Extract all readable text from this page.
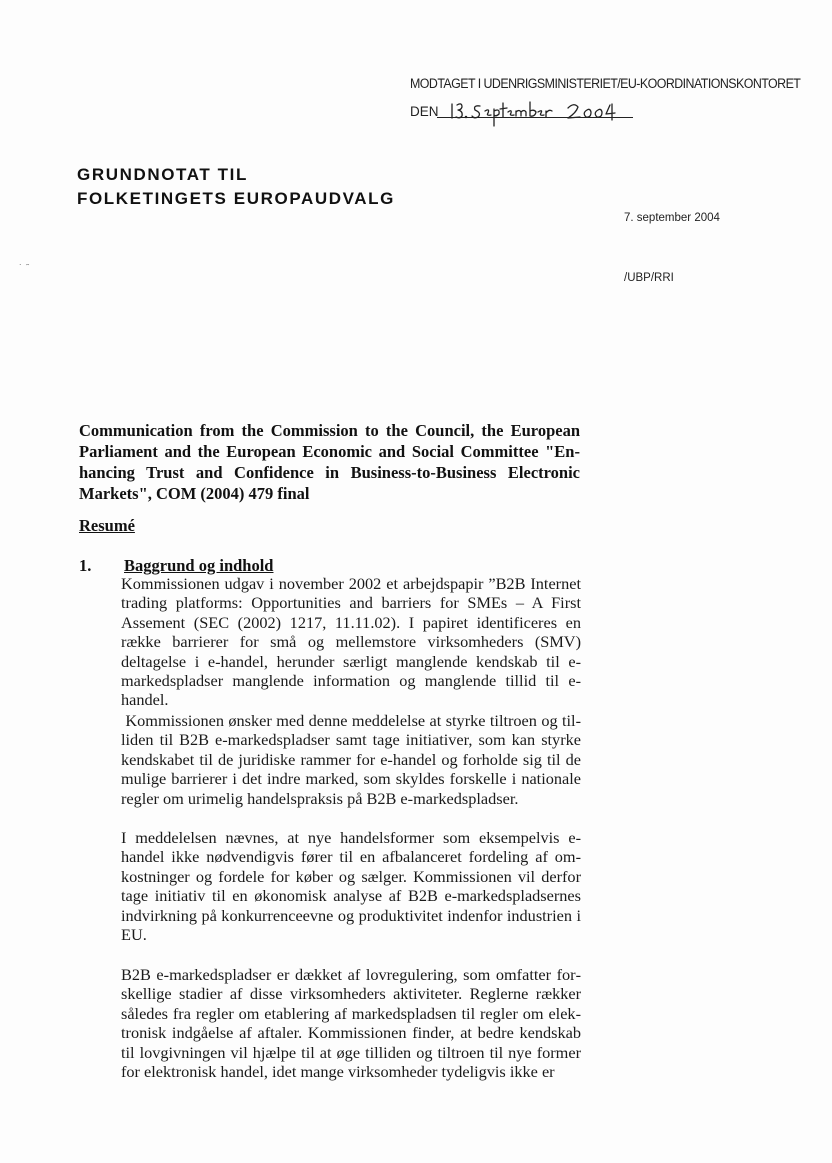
MODTAGET I UDENRIGSMINISTERIET/EU-KOORDINATIONSKONTORET
DEN
GRUNDNOTAT TIL
FOLKETINGETS EUROPAUDVALG
7. september 2004
/UBP/RRI
˙ ˜
Communication from the Commission to the Council, the European Parliament and the European Economic and Social Committee "Enhancing Trust and Confidence in Business-to-Business Electronic Markets", COM (2004) 479 final
Resumé
1. Baggrund og indhold
Kommissionen udgav i november 2002 et arbejdspapir ”B2B Internet trading platforms: Opportunities and barriers for SMEs – A First Assement (SEC (2002) 1217, 11.11.02). I papiret identificeres en række barrierer for små og mellemstore virksomheders (SMV) deltagelse i e-handel, herunder særligt manglende kendskab til e-markedspladser manglende information og manglende tillid til e-handel.
Kommissionen ønsker med denne meddelelse at styrke tiltroen og tilliden til B2B e-markedspladser samt tage initiativer, som kan styrke kendskabet til de juridiske rammer for e-handel og forholde sig til de mulige barrierer i det indre marked, som skyldes forskelle i nationale regler om urimelig handelspraksis på B2B e-markedspladser.
I meddelelsen nævnes, at nye handelsformer som eksempelvis e-handel ikke nødvendigvis fører til en afbalanceret fordeling af omkostninger og fordele for køber og sælger. Kommissionen vil derfor tage initiativ til en økonomisk analyse af B2B e-markedspladsernes indvirkning på konkurrenceevne og produktivitet indenfor industrien i EU.
B2B e-markedspladser er dækket af lovregulering, som omfatter forskellige stadier af disse virksomheders aktiviteter. Reglerne rækker således fra regler om etablering af markedspladsen til regler om elektronisk indgåelse af aftaler. Kommissionen finder, at bedre kendskab til lovgivningen vil hjælpe til at øge tilliden og tiltroen til nye former for elektronisk handel, idet mange virksomheder tydeligvis ikke er
